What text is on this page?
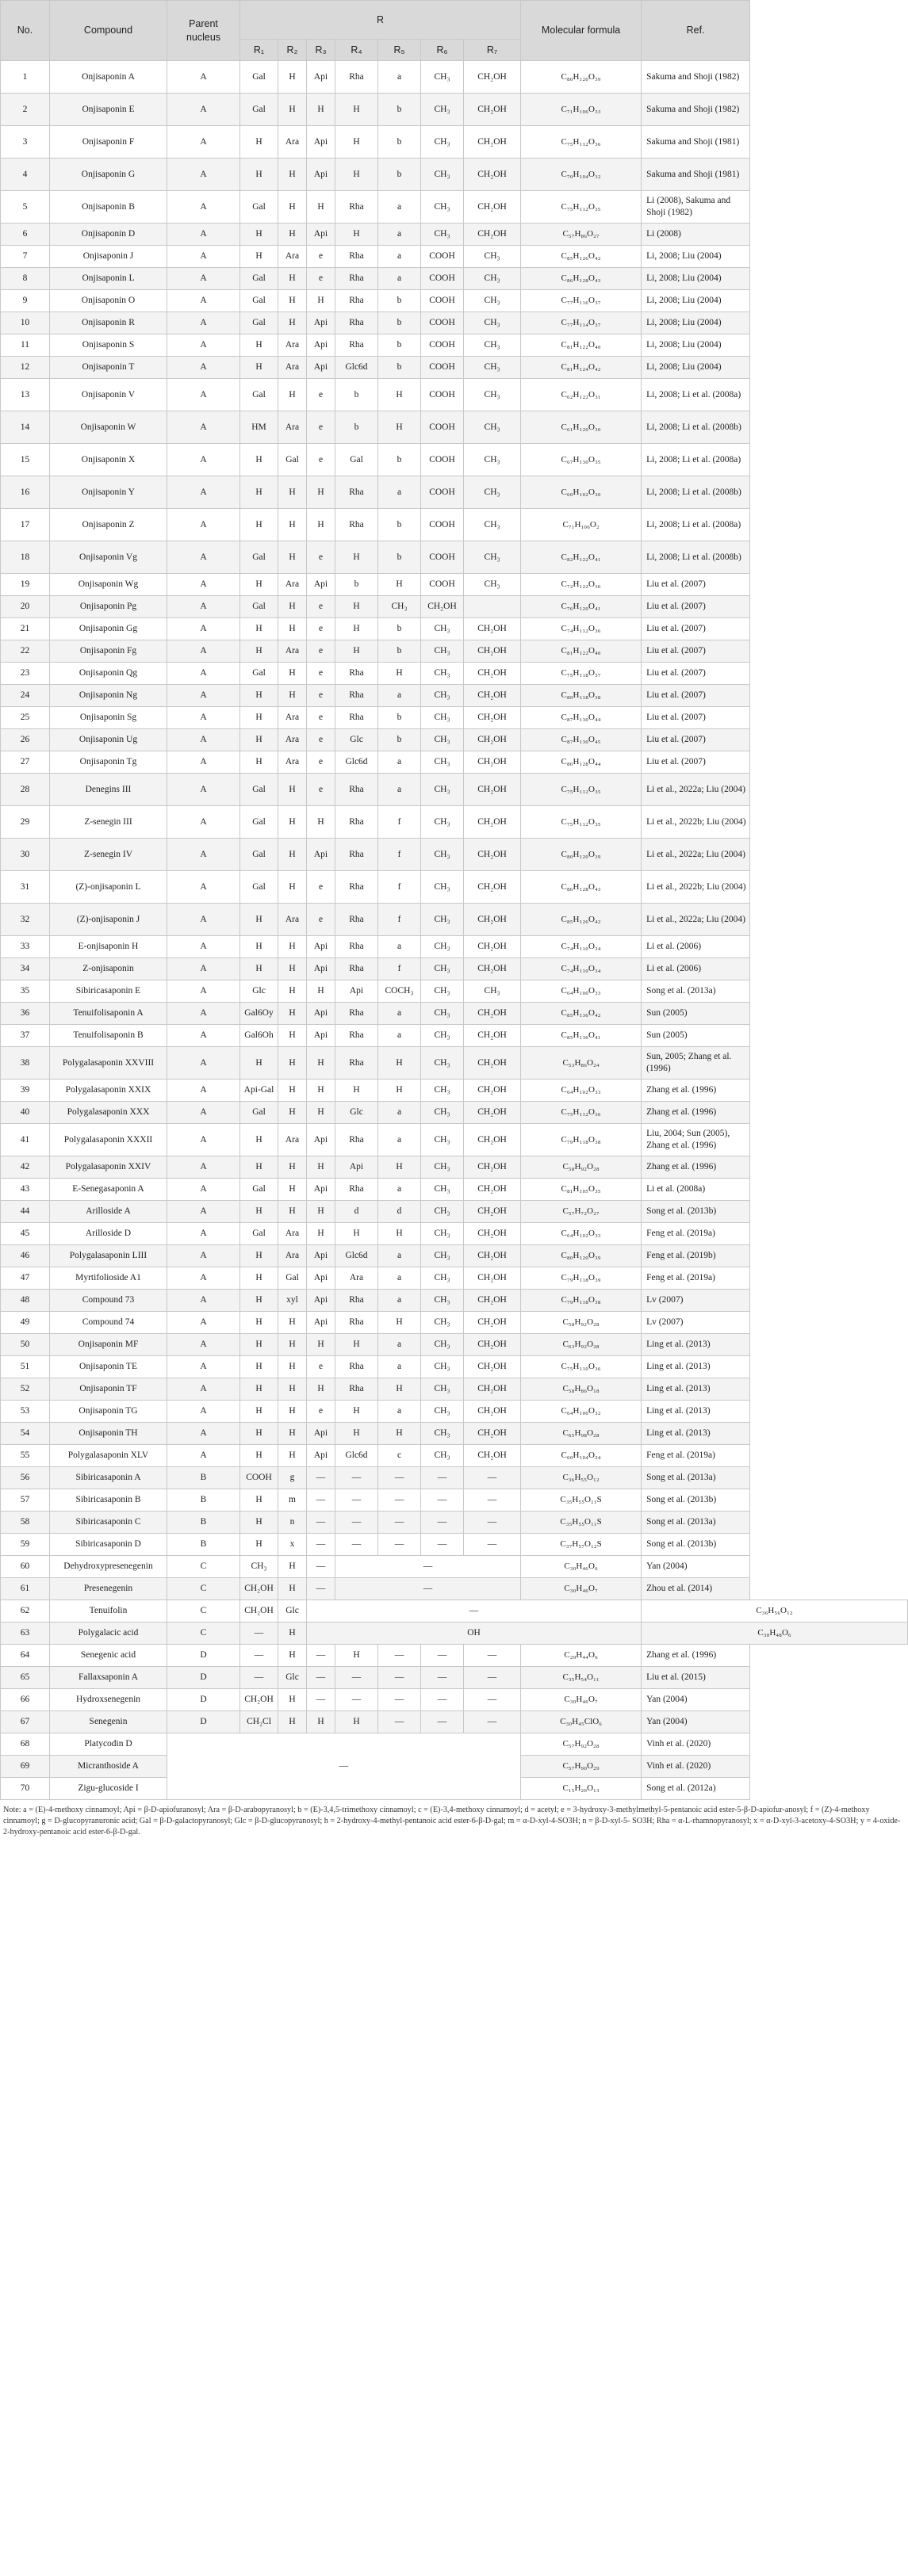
No.	Compound	Parent nucleus	R							Molecular formula	Ref.
			R₁	R₂	R₃	R₄	R₅	R₆	R₇		
1	Onjisaponin A	A	Gal	H	Api	Rha	a	CH₃	CH₂OH	C₈₀H₁₂₀O₃₉	Sakuma and Shoji (1982)
2	Onjisaponin E	A	Gal	H	H	H	b	CH₃	CH₂OH	C₇₁H₁₀₆O₃₃	Sakuma and Shoji (1982)
3	Onjisaponin F	A	H	Ara	Api	H	b	CH₃	CH₂OH	C₇₅H₁₁₂O₃₆	Sakuma and Shoji (1981)
4	Onjisaponin G	A	H	H	Api	H	b	CH₃	CH₂OH	C₇₀H₁₀₄O₃₂	Sakuma and Shoji (1981)
5	Onjisaponin B	A	Gal	H	H	Rha	a	CH₃	CH₂OH	C₇₅H₁₁₂O₃₅	Li (2008), Sakuma and Shoji (1982)
6	Onjisaponin D	A	H	H	Api	H	a	CH₃	CH₂OH	C₅₇H₈₆O₂₇	Li (2008)
7	Onjisaponin J	A	H	Ara	e	Rha	a	COOH	CH₃	C₈₅H₁₂₆O₄₂	Li, 2008; Liu (2004)
8	Onjisaponin L	A	Gal	H	e	Rha	a	COOH	CH₃	C₈₆H₁₂₈O₄₃	Li, 2008; Liu (2004)
9	Onjisaponin O	A	Gal	H	H	Rha	b	COOH	CH₃	C₇₇H₁₁₆O₃₇	Li, 2008; Liu (2004)
10	Onjisaponin R	A	Gal	H	Api	Rha	b	COOH	CH₃	C₇₇H₁₁₄O₃₇	Li, 2008; Liu (2004)
11	Onjisaponin S	A	H	Ara	Api	Rha	b	COOH	CH₃	C₈₁H₁₂₂O₄₀	Li, 2008; Liu (2004)
12	Onjisaponin T	A	H	Ara	Api	Glc6d	b	COOH	CH₃	C₈₁H₁₂₄O₄₂	Li, 2008; Liu (2004)
13	Onjisaponin V	A	Gal	H	e	b	H	COOH	CH₃	C₆₂H₁₂₂O₃₁	Li, 2008; Li et al. (2008a)
14	Onjisaponin W	A	HM	Ara	e	b	H	COOH	CH₃	C₆₁H₁₂₀O₃₀	Li, 2008; Li et al. (2008b)
15	Onjisaponin X	A	H	Gal	e	Gal	b	COOH	CH₃	C₆₇H₁₃₀O₃₅	Li, 2008; Li et al. (2008a)
16	Onjisaponin Y	A	H	H	H	Rha	a	COOH	CH₃	C₆₀H₁₀₂O₃₀	Li, 2008; Li et al. (2008b)
17	Onjisaponin Z	A	H	H	H	Rha	b	COOH	CH₃	C₇₁H₁₀₆O₂	Li, 2008; Li et al. (2008a)
18	Onjisaponin Vg	A	Gal	H	e	H	b	COOH	CH₃	C₈₂H₁₂₂O₄₁	Li, 2008; Li et al. (2008b)
19	Onjisaponin Wg	A	H	Ara	Api	b	H	COOH	CH₃	C₇₂H₁₂₂O₃₆	Liu et al. (2007)
20	Onjisaponin Pg	A	Gal	H	e	H	CH₃	CH₂OH		C₇₆H₁₂₀O₄₁	Liu et al. (2007)
21	Onjisaponin Gg	A	H	H	e	H	b	CH₃	CH₂OH	C₇₄H₁₁₂O₃₆	Liu et al. (2007)
22	Onjisaponin Fg	A	H	Ara	e	H	b	CH₃	CH₂OH	C₈₁H₁₂₂O₄₀	Liu et al. (2007)
23	Onjisaponin Qg	A	Gal	H	e	Rha	H	CH₃	CH₂OH	C₇₅H₁₁₈O₃₇	Liu et al. (2007)
24	Onjisaponin Ng	A	H	H	e	Rha	a	CH₃	CH₂OH	C₈₀H₁₁₈O₃₈	Liu et al. (2007)
25	Onjisaponin Sg	A	H	Ara	e	Rha	b	CH₃	CH₂OH	C₈₇H₁₃₀O₄₄	Liu et al. (2007)
26	Onjisaponin Ug	A	H	Ara	e	Glc	b	CH₃	CH₂OH	C₈₇H₁₃₀O₄₅	Liu et al. (2007)
27	Onjisaponin Tg	A	H	Ara	e	Glc6d	a	CH₃	CH₂OH	C₈₆H₁₂₈O₄₄	Liu et al. (2007)
28	Denegins III	A	Gal	H	e	Rha	a	CH₃	CH₂OH	C₇₅H₁₁₂O₃₅	Li et al., 2022a; Liu (2004)
29	Z-senegin III	A	Gal	H	H	Rha	f	CH₃	CH₂OH	C₇₅H₁₁₂O₃₅	Li et al., 2022b; Liu (2004)
30	Z-senegin IV	A	Gal	H	Api	Rha	f	CH₃	CH₂OH	C₈₀H₁₂₀O₃₉	Li et al., 2022a; Liu (2004)
31	(Z)-onjisaponin L	A	Gal	H	e	Rha	f	CH₃	CH₂OH	C₈₆H₁₂₈O₄₃	Li et al., 2022b; Liu (2004)
32	(Z)-onjisaponin J	A	H	Ara	e	Rha	f	CH₃	CH₂OH	C₈₅H₁₂₆O₄₂	Li et al., 2022a; Liu (2004)
33	E-onjisaponin H	A	H	H	Api	Rha	a	CH₃	CH₂OH	C₇₄H₁₁₀O₃₄	Li et al. (2006)
34	Z-onjisaponin	A	H	H	Api	Rha	f	CH₃	CH₂OH	C₇₄H₁₁₀O₃₄	Li et al. (2006)
35	Sibiricasaponin E	A	Glc	H	H	Api	COCH₃	CH₃	CH₃	C₆₄H₁₀₀O₃₃	Song et al. (2013a)
36	Tenuifolisaponin A	A	Gal6Oy	H	Api	Rha	a	CH₃	CH₂OH	C₈₅H₁₃₆O₄₂	Sun (2005)
37	Tenuifolisaponin B	A	Gal6Oh	H	Api	Rha	a	CH₃	CH₂OH	C₈₅H₁₃₆O₄₁	Sun (2005)
38	Polygalasaponin XXVIII	A	H	H	H	Rha	H	CH₃	CH₂OH	C₅₃H₈₆O₂₄	Sun, 2005; Zhang et al. (1996)
39	Polygalasaponin XXIX	A	Api-Gal	H	H	H	H	CH₃	CH₂OH	C₆₄H₁₀₂O₃₃	Zhang et al. (1996)
40	Polygalasaponin XXX	A	Gal	H	H	Glc	a	CH₃	CH₂OH	C₇₅H₁₁₂O₃₆	Zhang et al. (1996)
41	Polygalasaponin XXXII	A	H	Ara	Api	Rha	a	CH₃	CH₂OH	C₇₉H₁₁₈O₃₈	Liu, 2004; Sun (2005), Zhang et al. (1996)
42	Polygalasaponin XXIV	A	H	H	H	Api	H	CH₃	CH₂OH	C₅₈H₉₂O₂₈	Zhang et al. (1996)
43	E-Senegasaponin A	A	Gal	H	Api	Rha	a	CH₃	CH₂OH	C₈₁H₁₀₅O₃₅	Li et al. (2008a)
44	Arilloside A	A	H	H	H	d	d	CH₃	CH₂OH	C₅₇H₇₂O₂₇	Song et al. (2013b)
45	Arilloside D	A	Gal	Ara	H	H	H	CH₃	CH₂OH	C₆₄H₁₀₂O₃₃	Feng et al. (2019a)
46	Polygalasaponin LIII	A	H	Ara	Api	Glc6d	a	CH₃	CH₂OH	C₈₀H₁₂₀O₃₉	Feng et al. (2019b)
47	Myrtifolioside A1	A	H	Gal	Api	Ara	a	CH₃	CH₂OH	C₇₉H₁₁₈O₃₉	Feng et al. (2019a)
48	Compound 73	A	H	xyl	Api	Rha	a	CH₃	CH₂OH	C₇₉H₁₁₈O₃₈	Lv (2007)
49	Compound 74	A	H	H	Api	Rha	H	CH₃	CH₂OH	C₅₈H₉₂O₂₈	Lv (2007)
50	Onjisaponin MF	A	H	H	H	H	a	CH₃	CH₂OH	C₆₃H₉₂O₂₈	Ling et al. (2013)
51	Onjisaponin TE	A	H	H	e	Rha	a	CH₃	CH₂OH	C₇₅H₁₁₀O₃₆	Ling et al. (2013)
52	Onjisaponin TF	A	H	H	H	Rha	H	CH₃	CH₂OH	C₅₈H₈₆O₁₈	Ling et al. (2013)
53	Onjisaponin TG	A	H	H	e	H	a	CH₃	CH₂OH	C₆₄H₁₀₀O₃₂	Ling et al. (2013)
54	Onjisaponin TH	A	H	H	Api	H	H	CH₃	CH₂OH	C₆₅H₉₈O₂₈	Ling et al. (2013)
55	Polygalasaponin XLV	A	H	H	Api	Glc6d	c	CH₃	CH₂OH	C₆₀H₁₀₄O₂₄	Feng et al. (2019a)
56	Sibiricasaponin A	B	COOH	g	—	—	—	—	—	C₃₆H₅₅O₁₂	Song et al. (2013a)
57	Sibiricasaponin B	B	H	m	—	—	—	—	—	C₃₅H₅₅O₁₁S	Song et al. (2013b)
58	Sibiricasaponin C	B	H	n	—	—	—	—	—	C₃₅H₅₅O₁₁S	Song et al. (2013a)
59	Sibiricasaponin D	B	H	x	—	—	—	—	—	C₃₇H₅₇O₁₂S	Song et al. (2013b)
60	Dehydroxypresenegenin	C	CH₃	H	—	—				C₃₀H₄₆O₆	Yan (2004)
61	Presenegenin	C	CH₂OH	H	—	—				C₃₀H₄₆O₇	Zhou et al. (2014)
62	Tenuifolin	C	CH₂OH	Glc	—						C₃₆H₅₆O₁₂
63	Polygalacic acid	C	—	H	OH						C₃₀H₄₈O₆
64	Senegenic acid	D	—	H	—	H	—	—	—	C₂₉H₄₄O₆	Zhang et al. (1996)
65	Fallaxsaponin A	D	—	Glc	—	—	—	—	—	C₃₅H₅₄O₁₁	Liu et al. (2015)
66	Hydroxsenegenin	D	CH₂OH	H	—	—	—	—	—	C₃₀H₄₆O₇	Yan (2004)
67	Senegenin	D	CH₂Cl	H	H	H	—	—	—	C₃₀H₄₅ClO₆	Yan (2004)
68	Platycodin D	—								C₅₇H₉₂O₂₈	Vinh et al. (2020)
69	Micranthoside A									C₅₇H₉₀O₂₉	Vinh et al. (2020)
70	Zigu-glucoside I									C₁₅H₂₀O₁₃	Song et al. (2012a)
Note: a = (E)-4-methoxy cinnamoyl; Api = β-D-apiofuranosyl; Ara = β-D-arabopyranosyl; b = (E)-3,4,5-trimethoxy cinnamoyl; c = (E)-3,4-methoxy cinnamoyl; d = acetyl; e = 3-hydroxy-3-methylmethyl-5-pentanoic acid ester-5-β-D-apiofur-anosyl; f = (Z)-4-methoxy cinnamoyl; g = D-glucopyranuronic acid; Gal = β-D-galactopyranosyl; Glc = β-D-glucopyranosyl; h = 2-hydroxy-4-methyl-pentanoic acid ester-6-β-D-gal; m = α-D-xyl-4-SO3H; n = β-D-xyl-5- SO3H; Rha = α-L-rhamnopyranosyl; x = α-D-xyl-3-acetoxy-4-SO3H; y = 4-oxide-2-hydroxy-pentanoic acid ester-6-β-D-gal.
